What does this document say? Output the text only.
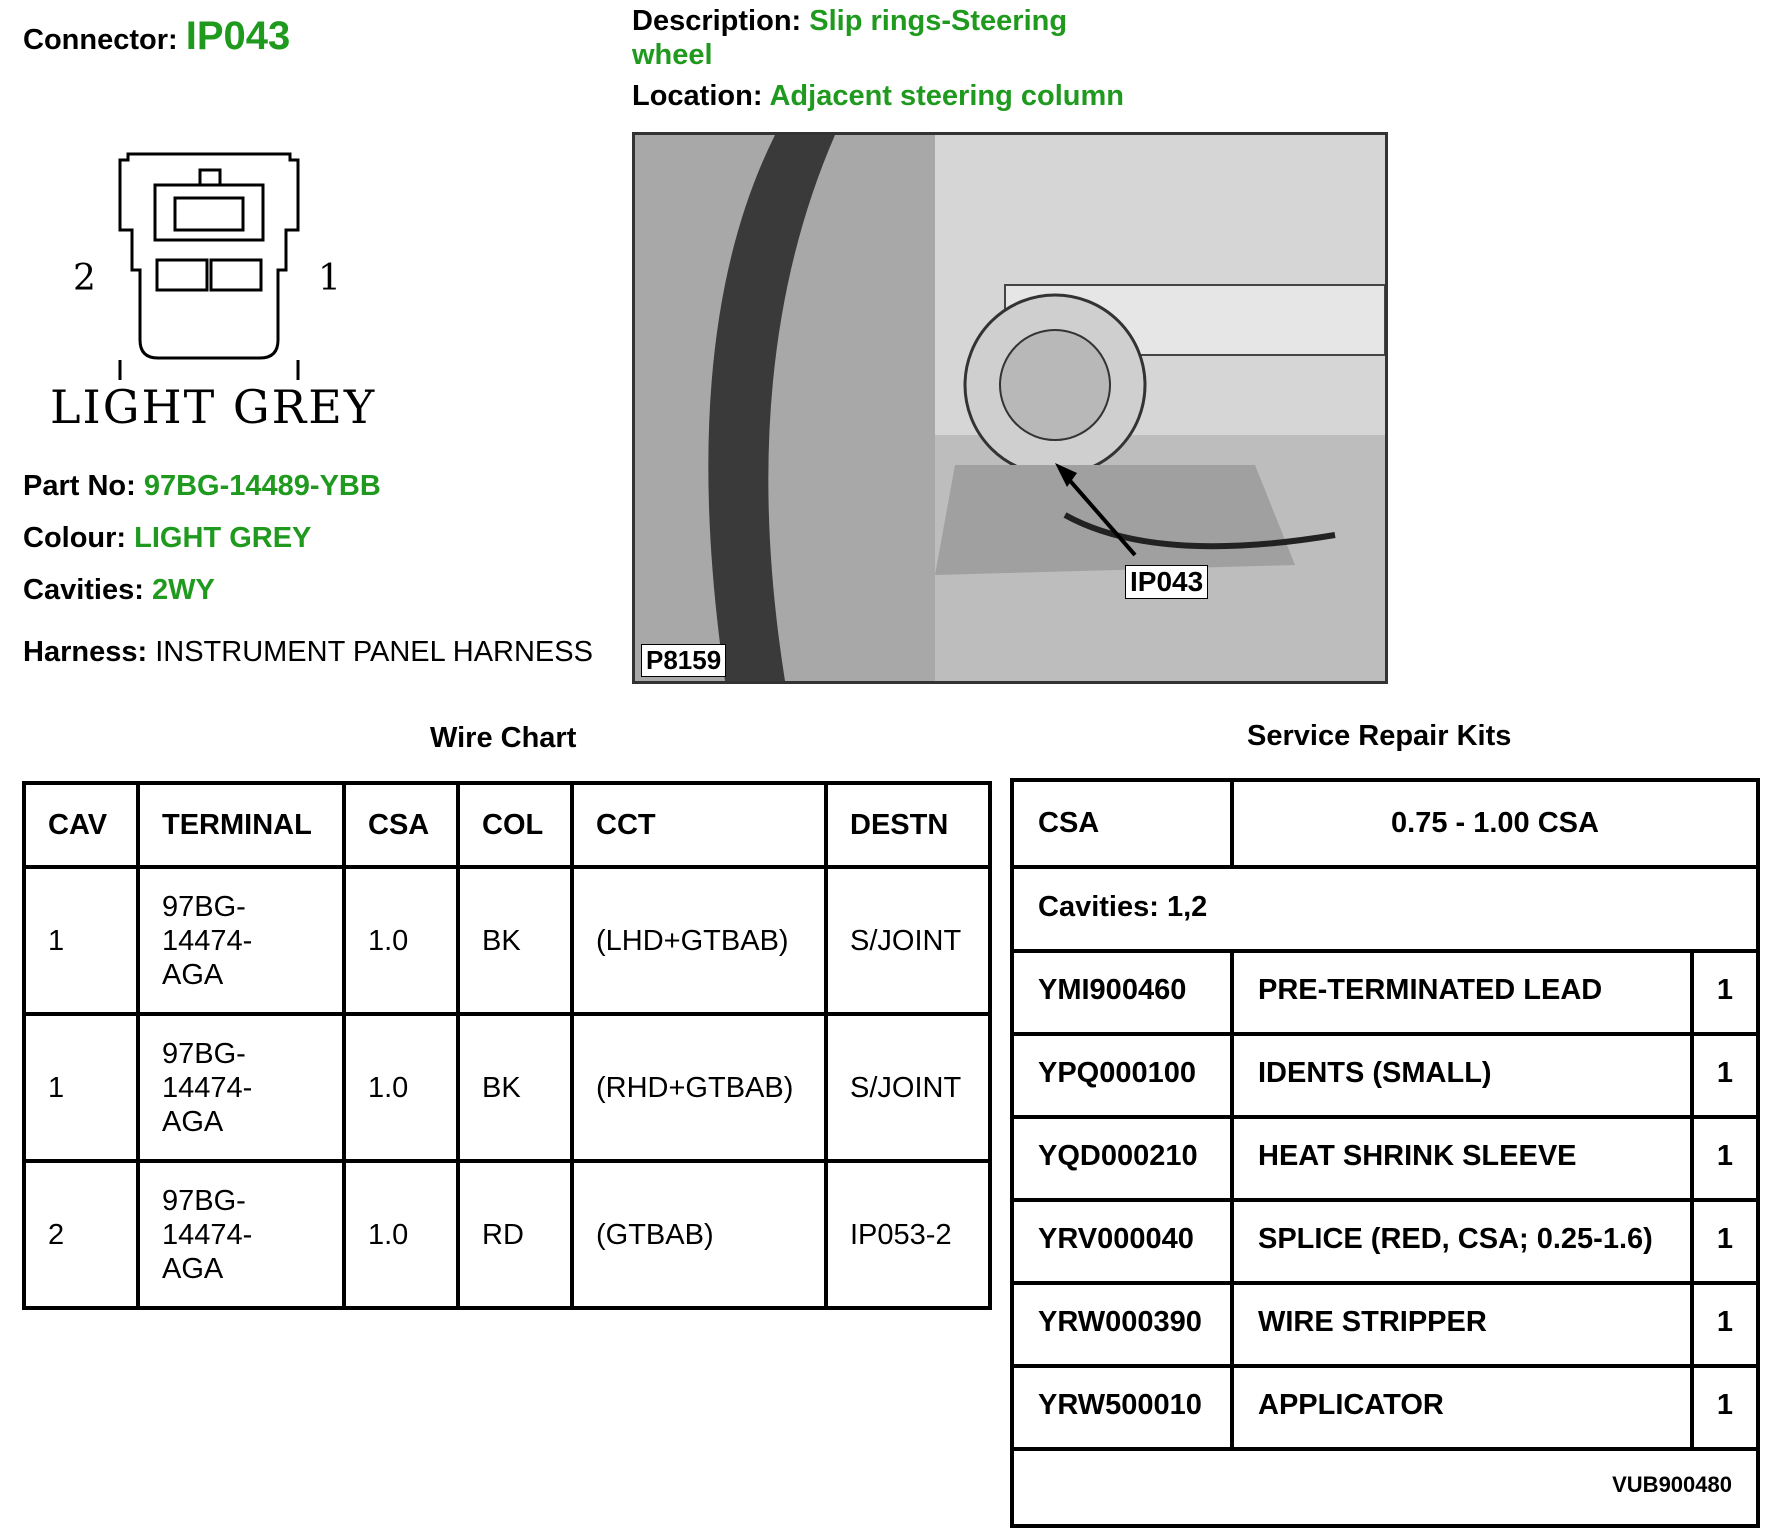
Connector: IP043	Description: Slip rings-Steering wheel
Location: Adjacent steering column
2	1
LIGHT GREY
Part No: 97BG-14489-YBB
Colour: LIGHT GREY
Cavities: 2WY
Harness: INSTRUMENT PANEL HARNESS P8159
IP043
Wire Chart
CAV	TERMINAL	CSA	COL	CCT	DESTN
1	97BG-
14474-
AGA	1.0	BK	(LHD+GTBAB)	S/JOINT
1	97BG-
14474-
AGA	1.0	BK	(RHD+GTBAB)	S/JOINT
2	97BG-
14474-
AGA	1.0	RD	(GTBAB)	IP053-2
Service Repair Kits
CSA	0.75 - 1.00 CSA
Cavities: 1,2
YMI900460	PRE-TERMINATED LEAD	1
YPQ000100	IDENTS (SMALL)	1
YQD000210	HEAT SHRINK SLEEVE	1
YRV000040	SPLICE (RED, CSA; 0.25-1.6)	1
YRW000390	WIRE STRIPPER	1
YRW500010	APPLICATOR	1
VUB900480
